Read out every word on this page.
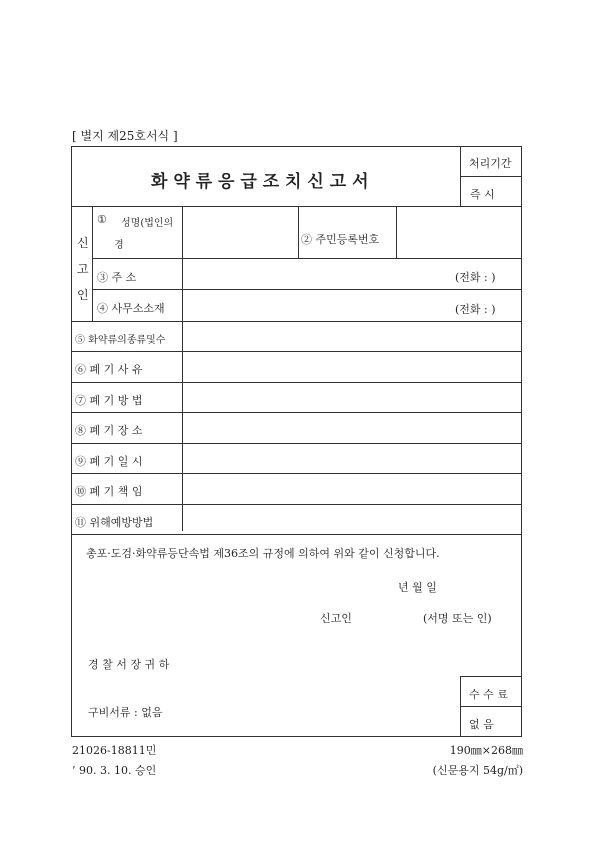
[ 별지 제25호서식 ]
화 약 류 응 급 조 치 신 고 서
처리기간
즉 시
신
고
인
① 성명(법인의
경	② 주민등록번호
③ 주 소	(전화 : )
④ 사무소소재	(전화 : )
⑤ 화약류의종류및수
⑥ 폐 기 사 유
⑦ 폐 기 방 법
⑧ 폐 기 장 소
⑨ 폐 기 일 시
⑩ 폐 기 책 임
⑪ 위해예방방법
총포·도검·화약류등단속법 제36조의 규정에 의하여 위와 같이 신청합니다.
년 월 일
신고인	(서명 또는 인)
경 찰 서 장 귀 하
구비서류 : 없음
수 수 료
없 음
21026-18811민
’ 90. 3. 10. 승인
190㎜×268㎜
(신문용지 54g/㎡)
